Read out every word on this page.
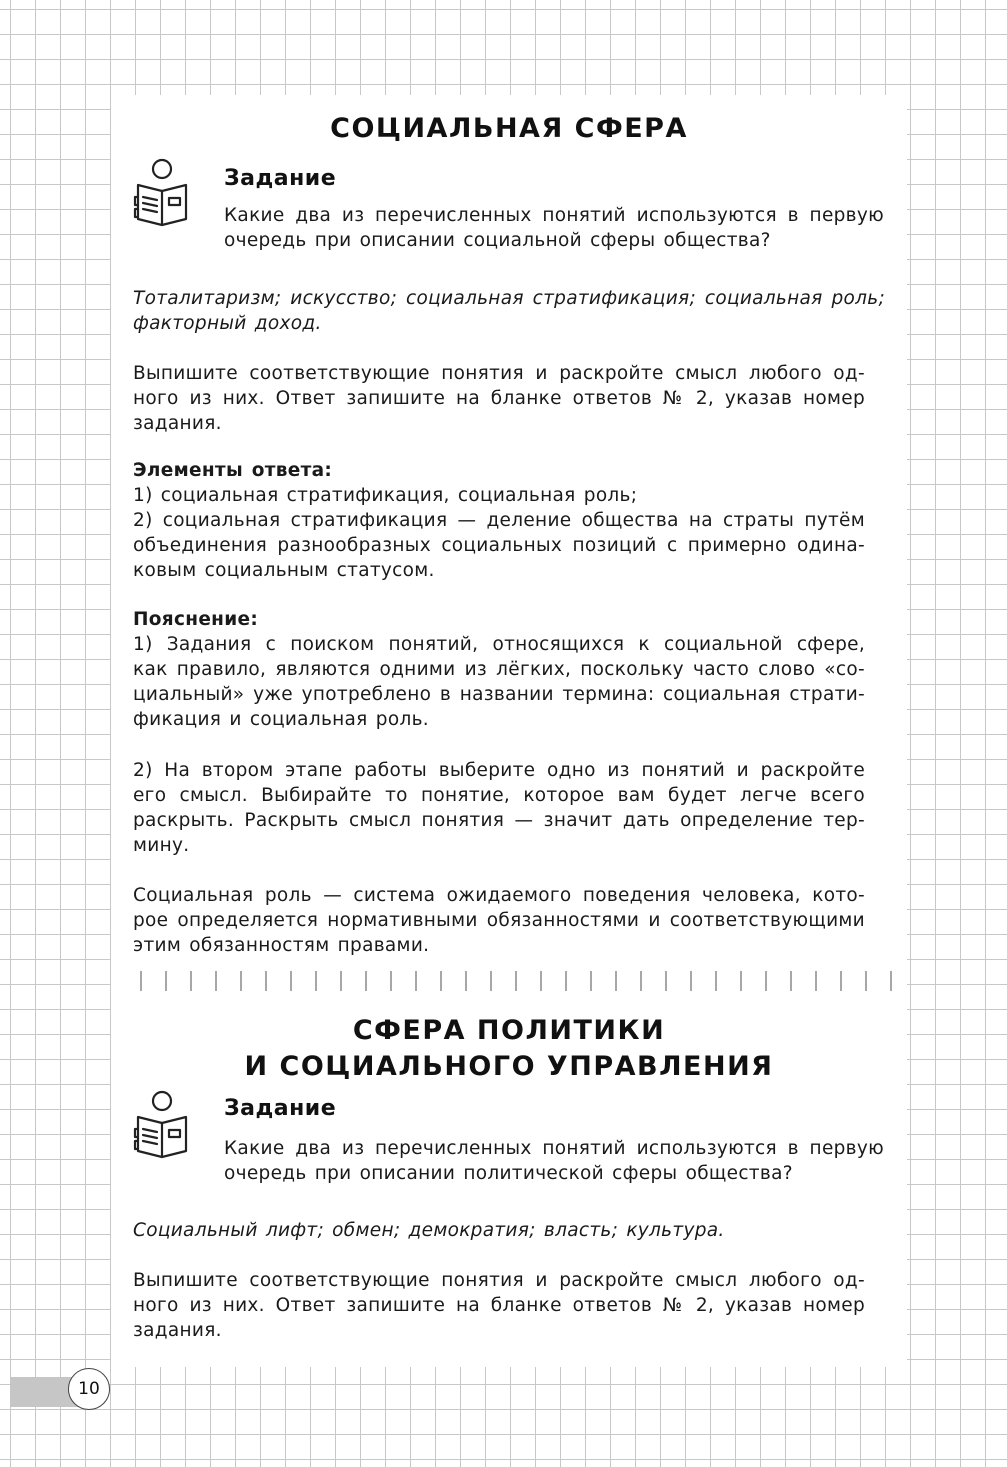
СОЦИАЛЬНАЯ СФЕРА
Задание
Какие два из перечисленных понятий используются в первую
очередь при описании социальной сферы общества?
Тоталитаризм; искусство; социальная стратификация; социальная роль;
факторный доход.
Выпишите соответствующие понятия и раскройте смысл любого од-
ного из них. Ответ запишите на бланке ответов № 2, указав номер
задания.
Элементы ответа:
1) социальная стратификация, социальная роль;
2) социальная стратификация — деление общества на страты путём
объединения разнообразных социальных позиций с примерно одина-
ковым социальным статусом.
Пояснение:
1) Задания с поиском понятий, относящихся к социальной сфере,
как правило, являются одними из лёгких, поскольку часто слово «со-
циальный» уже употреблено в названии термина: социальная страти-
фикация и социальная роль.
2) На втором этапе работы выберите одно из понятий и раскройте
его смысл. Выбирайте то понятие, которое вам будет легче всего
раскрыть. Раскрыть смысл понятия — значит дать определение тер-
мину.
Социальная роль — система ожидаемого поведения человека, кото-
рое определяется нормативными обязанностями и соответствующими
этим обязанностям правами.
СФЕРА ПОЛИТИКИ
И СОЦИАЛЬНОГО УПРАВЛЕНИЯ
Задание
Какие два из перечисленных понятий используются в первую
очередь при описании политической сферы общества?
Социальный лифт; обмен; демократия; власть; культура.
Выпишите соответствующие понятия и раскройте смысл любого од-
ного из них. Ответ запишите на бланке ответов № 2, указав номер
задания.
10
